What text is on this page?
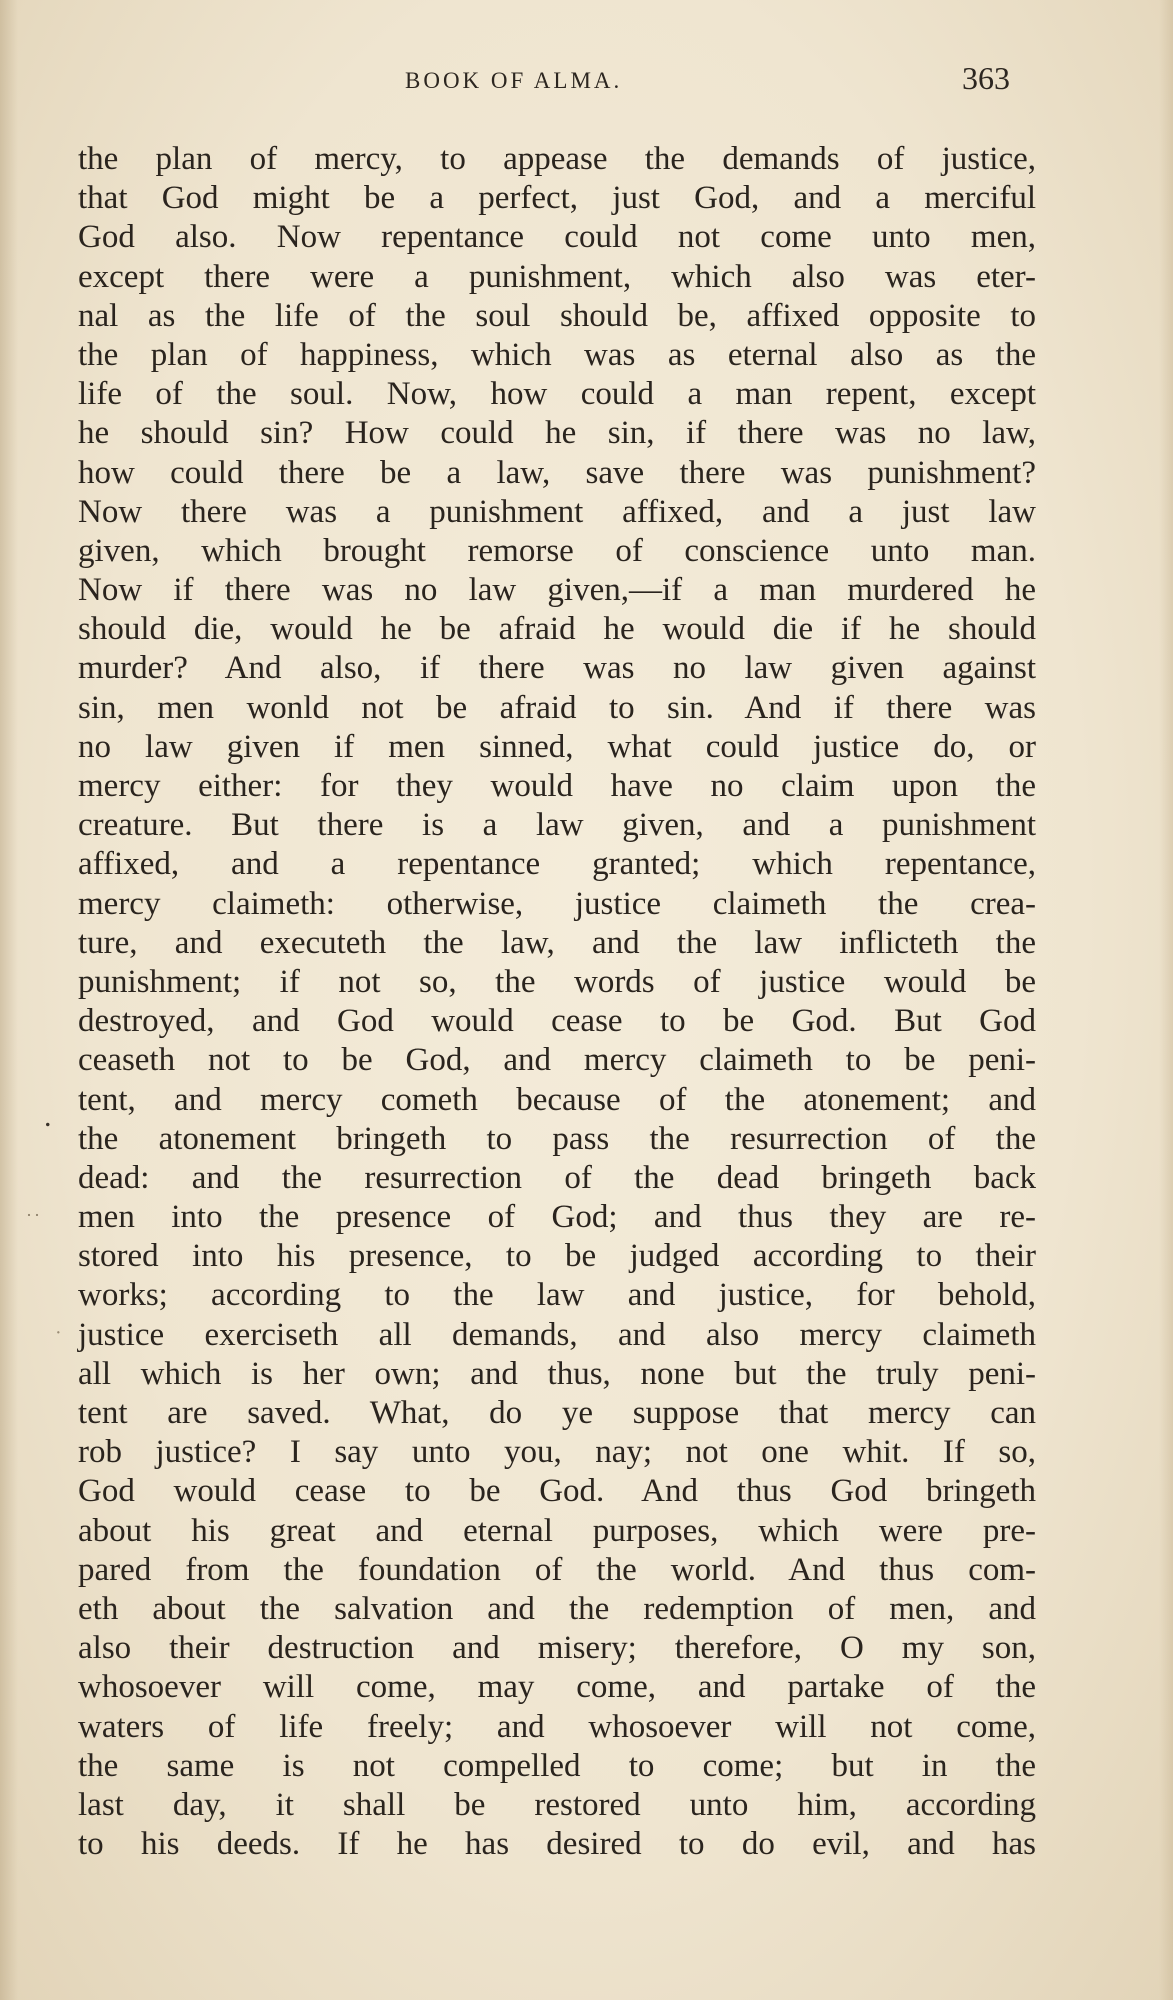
BOOK OF ALMA.	363
.
··
·
the plan of mercy, to appease the demands of justice,
that God might be a perfect, just God, and a merciful
God also. Now repentance could not come unto men,
except there were a punishment, which also was eter-
nal as the life of the soul should be, affixed opposite to
the plan of happiness, which was as eternal also as the
life of the soul. Now, how could a man repent, except
he should sin? How could he sin, if there was no law,
how could there be a law, save there was punishment?
Now there was a punishment affixed, and a just law
given, which brought remorse of conscience unto man.
Now if there was no law given,—if a man murdered he
should die, would he be afraid he would die if he should
murder? And also, if there was no law given against
sin, men wonld not be afraid to sin. And if there was
no law given if men sinned, what could justice do, or
mercy either: for they would have no claim upon the
creature. But there is a law given, and a punishment
affixed, and a repentance granted; which repentance,
mercy claimeth: otherwise, justice claimeth the crea-
ture, and executeth the law, and the law inflicteth the
punishment; if not so, the words of justice would be
destroyed, and God would cease to be God. But God
ceaseth not to be God, and mercy claimeth to be peni-
tent, and mercy cometh because of the atonement; and
the atonement bringeth to pass the resurrection of the
dead: and the resurrection of the dead bringeth back
men into the presence of God; and thus they are re-
stored into his presence, to be judged according to their
works; according to the law and justice, for behold,
justice exerciseth all demands, and also mercy claimeth
all which is her own; and thus, none but the truly peni-
tent are saved. What, do ye suppose that mercy can
rob justice? I say unto you, nay; not one whit. If so,
God would cease to be God. And thus God bringeth
about his great and eternal purposes, which were pre-
pared from the foundation of the world. And thus com-
eth about the salvation and the redemption of men, and
also their destruction and misery; therefore, O my son,
whosoever will come, may come, and partake of the
waters of life freely; and whosoever will not come,
the same is not compelled to come; but in the
last day, it shall be restored unto him, according
to his deeds. If he has desired to do evil, and has
